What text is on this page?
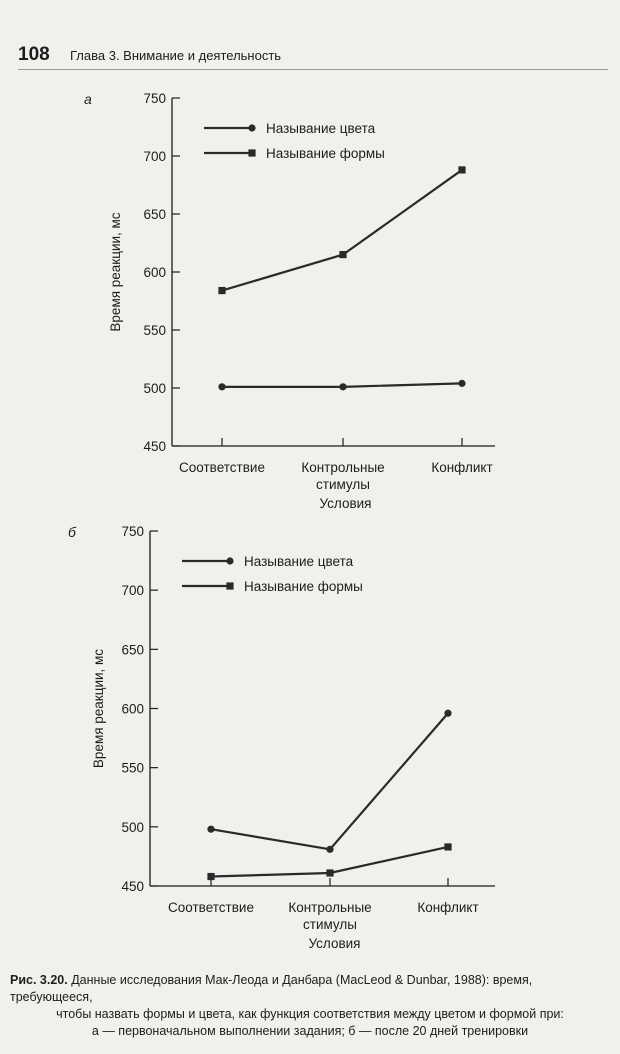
108 Глава 3. Внимание и деятельность
а
450
500
550
600
650
700
750
Время реакции, мс
Соответствие	Контрольные
стимулы
Конфликт
Условия
Называние цвета
Называние формы
б
450
500
550
600
650
700
750
Время реакции, мс
Соответствие	Контрольные
стимулы
Конфликт
Условия
Называние цвета
Называние формы
Рис. 3.20. Данные исследования Мак-Леода и Данбара (MacLeod & Dunbar, 1988): время, требующееся,
чтобы назвать формы и цвета, как функция соответствия между цветом и формой при:
а — первоначальном выполнении задания; б — после 20 дней тренировки
